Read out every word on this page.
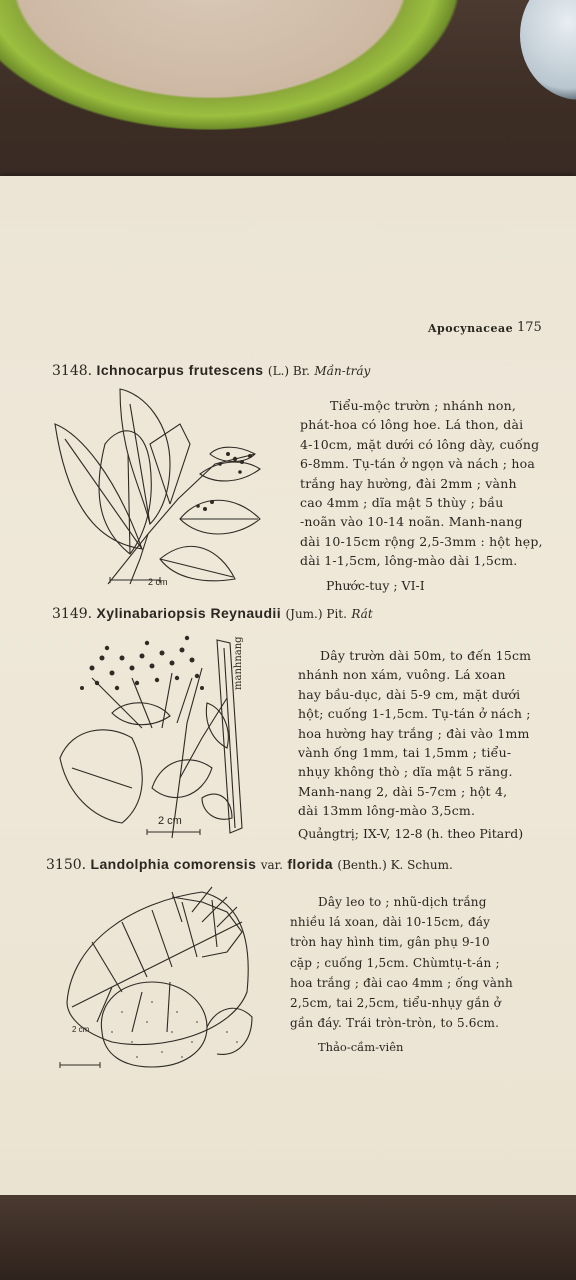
Apocynaceae 175
3148. Ichnocarpus frutescens (L.) Br. Mần-tráy
2 cm
Tiểu-mộc trườn ; nhánh non,
phát-hoa có lông hoe. Lá thon, dài
4-10cm, mặt dưới có lông dày, cuống
6-8mm. Tụ-tán ở ngọn và nách ; hoa
trắng hay hường, đài 2mm ; vành
cao 4mm ; dĩa mật 5 thùy ; bầu
-noãn vào 10-14 noãn. Manh-nang
dài 10-15cm rộng 2,5-3mm : hột hẹp,
dài 1-1,5cm, lông-mào dài 1,5cm.
Phước-tuy ; VI-I
3149. Xylinabariopsis Reynaudii (Jum.) Pit. Rát
manhnang
2 cm
Dây trườn dài 50m, to đến 15cm
nhánh non xám, vuông. Lá xoan
hay bầu-dục, dài 5-9 cm, mặt dưới
hột; cuống 1-1,5cm. Tụ-tán ở nách ;
hoa hường hay trắng ; đài vào 1mm
vành ống 1mm, tai 1,5mm ; tiểu-
nhụy không thò ; dĩa mật 5 răng.
Manh-nang 2, dài 5-7cm ; hột 4,
dài 13mm lông-mào 3,5cm.
Quảngtrị; IX-V, 12-8 (h. theo Pitard)
3150. Landolphia comorensis var. florida (Benth.) K. Schum.
2 cm
Dây leo to ; nhũ-dịch trắng
nhiều lá xoan, dài 10-15cm, đáy
tròn hay hình tim, gân phụ 9-10
cặp ; cuống 1,5cm. Chùmtụ-t-án ;
hoa trắng ; đài cao 4mm ; ống vành
2,5cm, tai 2,5cm, tiểu-nhụy gắn ở
gần đáy. Trái tròn-tròn, to 5.6cm.
Thảo-cầm-viên
